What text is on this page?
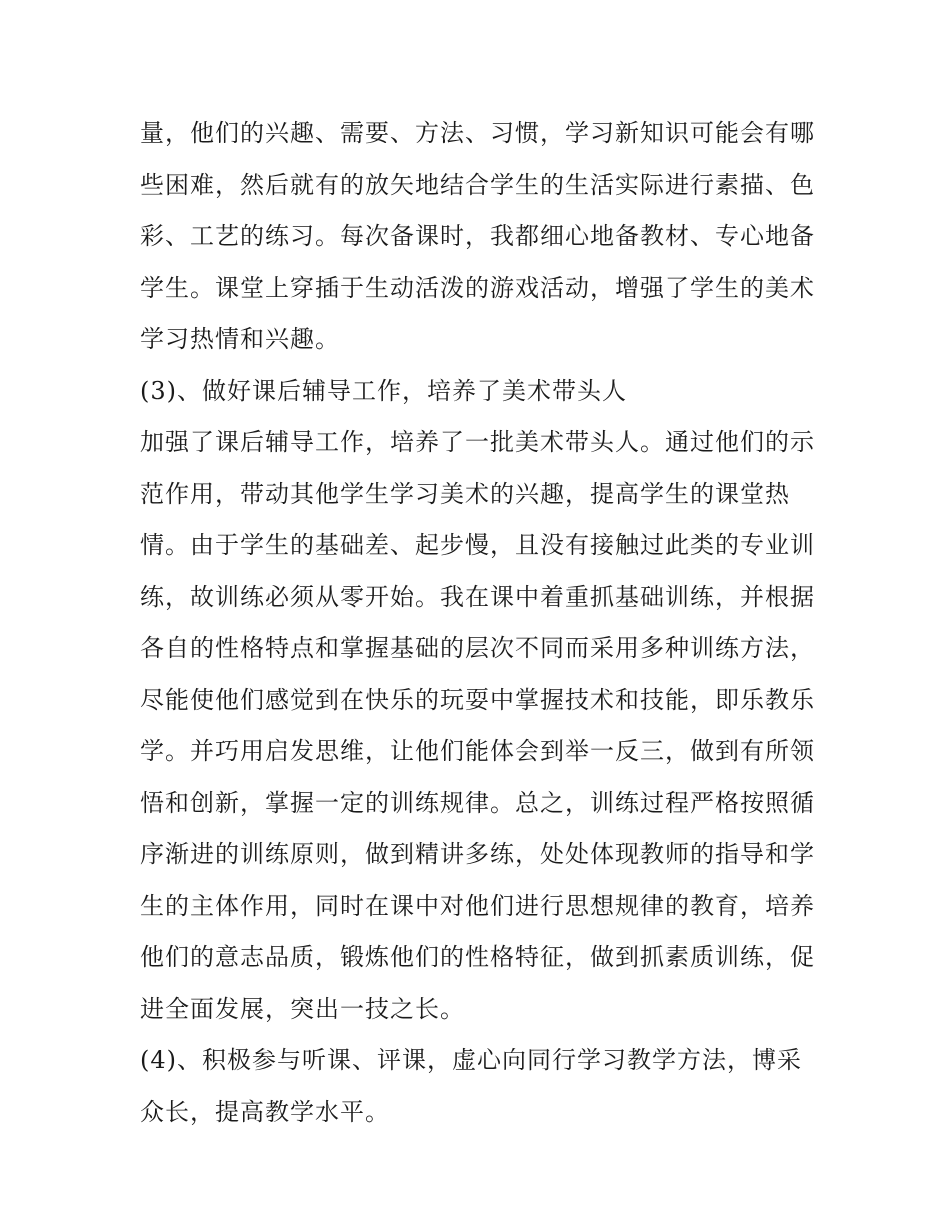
量，他们的兴趣、需要、方法、习惯，学习新知识可能会有哪
些困难，然后就有的放矢地结合学生的生活实际进行素描、色
彩、工艺的练习。每次备课时，我都细心地备教材、专心地备
学生。课堂上穿插于生动活泼的游戏活动，增强了学生的美术
学习热情和兴趣。
(3)、做好课后辅导工作，培养了美术带头人
加强了课后辅导工作，培养了一批美术带头人。通过他们的示
范作用，带动其他学生学习美术的兴趣，提高学生的课堂热
情。由于学生的基础差、起步慢，且没有接触过此类的专业训
练，故训练必须从零开始。我在课中着重抓基础训练，并根据
各自的性格特点和掌握基础的层次不同而采用多种训练方法，
尽能使他们感觉到在快乐的玩耍中掌握技术和技能，即乐教乐
学。并巧用启发思维，让他们能体会到举一反三，做到有所领
悟和创新，掌握一定的训练规律。总之，训练过程严格按照循
序渐进的训练原则，做到精讲多练，处处体现教师的指导和学
生的主体作用，同时在课中对他们进行思想规律的教育，培养
他们的意志品质，锻炼他们的性格特征，做到抓素质训练，促
进全面发展，突出一技之长。
(4)、积极参与听课、评课，虚心向同行学习教学方法，博采
众长，提高教学水平。
